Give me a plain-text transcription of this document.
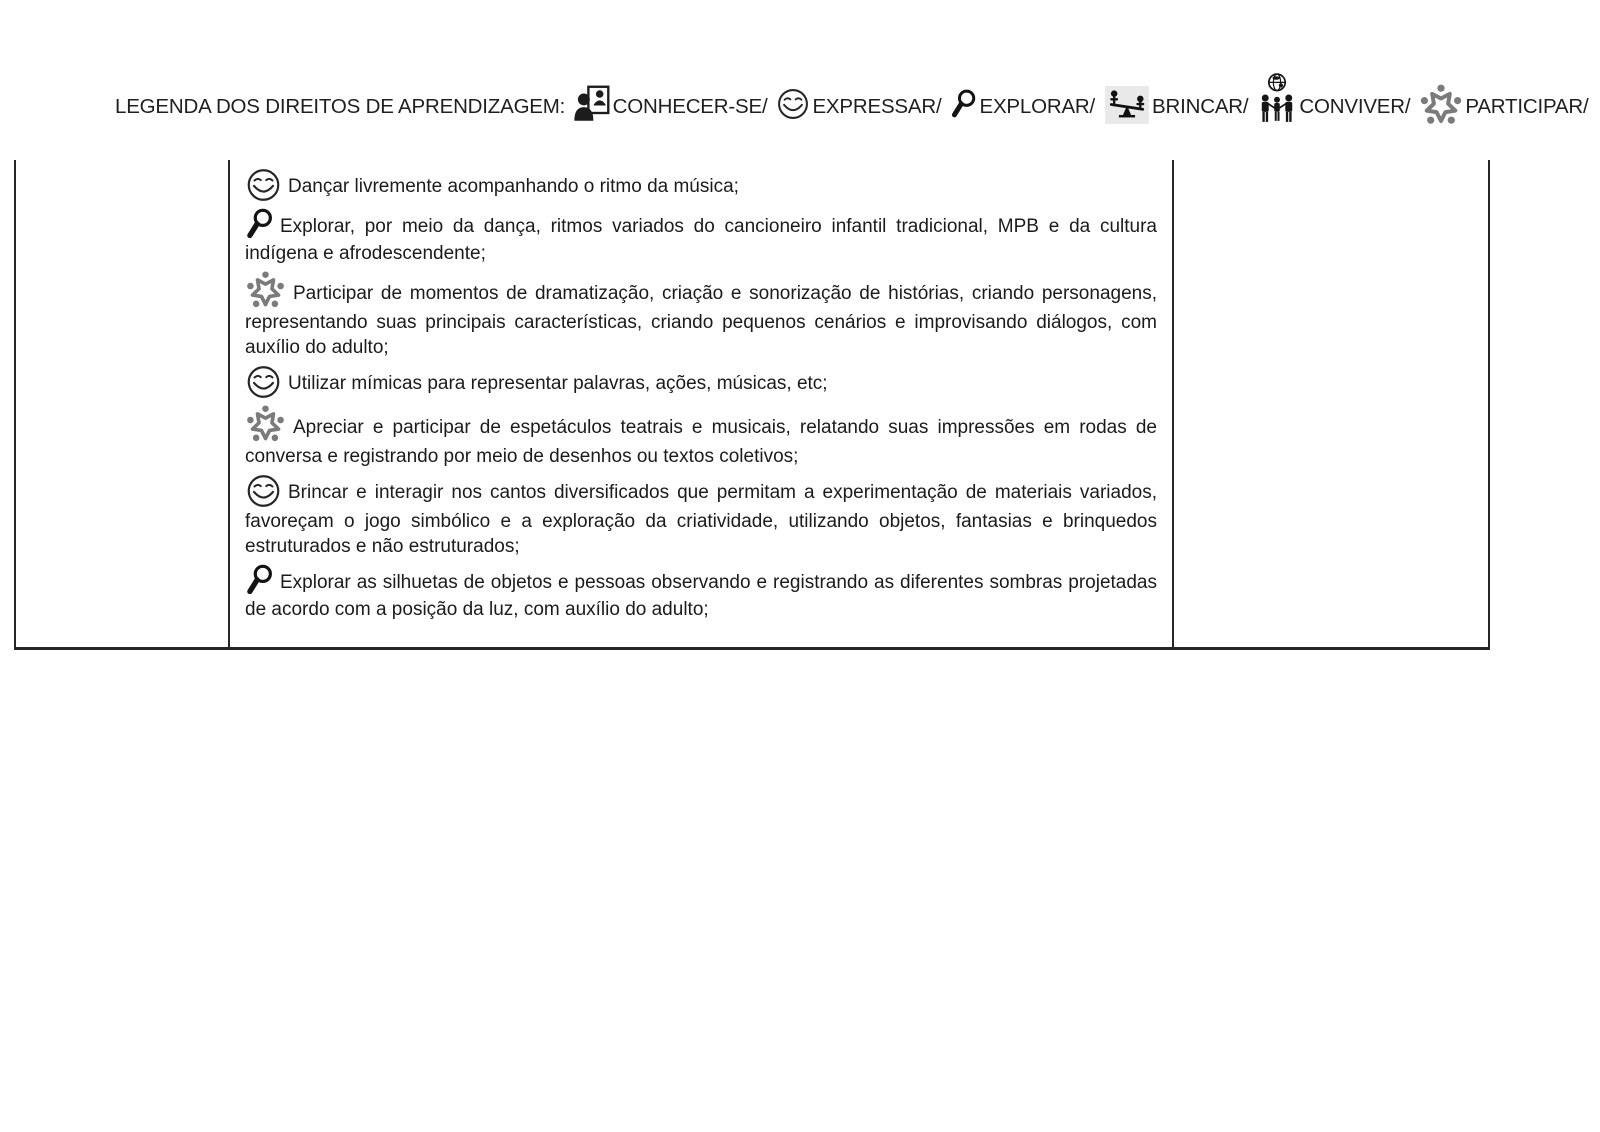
LEGENDA DOS DIREITOS DE APRENDIZAGEM: CONHECER-SE/ EXPRESSAR/ EXPLORAR/	BRINCAR/ CONVIVER/	PARTICIPAR/

Dançar livremente acompanhando o ritmo da música;

Explorar, por meio da dança, ritmos variados do cancioneiro infantil tradicional, MPB e da cultura indígena e afrodescendente;

Participar de momentos de dramatização, criação e sonorização de histórias, criando personagens, representando suas principais características, criando pequenos cenários e improvisando diálogos, com auxílio do adulto;

Utilizar mímicas para representar palavras, ações, músicas, etc;

Apreciar e participar de espetáculos teatrais e musicais, relatando suas impressões em rodas de conversa e registrando por meio de desenhos ou textos coletivos;

Brincar e interagir nos cantos diversificados que permitam a experimentação de materiais variados, favoreçam o jogo simbólico e a exploração da criatividade, utilizando objetos, fantasias e brinquedos estruturados e não estruturados;

Explorar as silhuetas de objetos e pessoas observando e registrando as diferentes sombras projetadas de acordo com a posição da luz, com auxílio do adulto;
